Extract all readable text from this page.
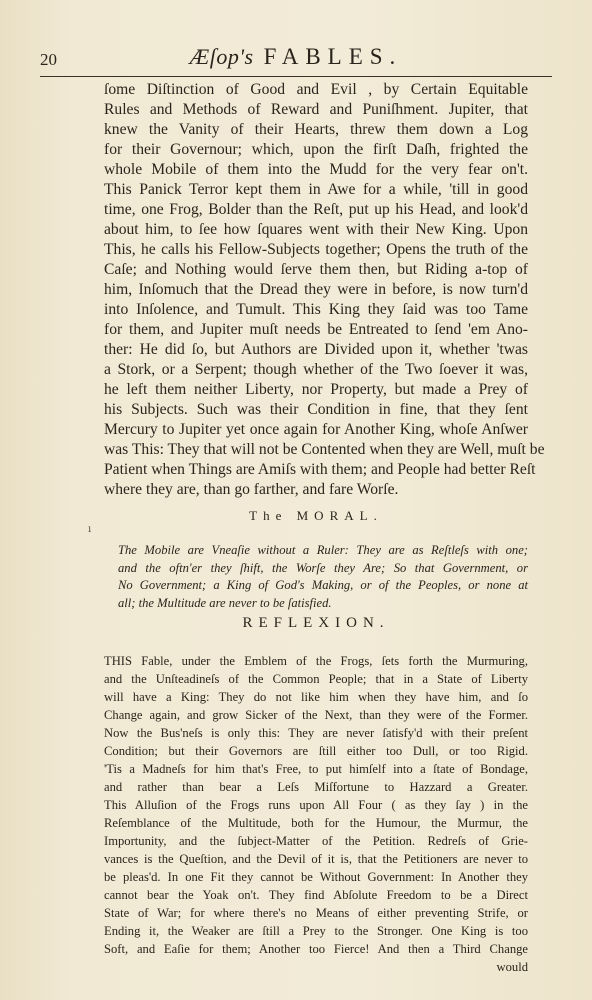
20	Æſop's FABLES.
ſome Diſtinction of Good and Evil , by Certain Equitable
Rules and Methods of Reward and Puniſhment. Jupiter, that
knew the Vanity of their Hearts, threw them down a Log
for their Governour; which, upon the firſt Daſh, frighted the
whole Mobile of them into the Mudd for the very fear on't.
This Panick Terror kept them in Awe for a while, 'till in good
time, one Frog, Bolder than the Reſt, put up his Head, and look'd
about him, to ſee how ſquares went with their New King. Upon
This, he calls his Fellow-Subjects together; Opens the truth of the
Caſe; and Nothing would ſerve them then, but Riding a-top of
him, Inſomuch that the Dread they were in before, is now turn'd
into Inſolence, and Tumult. This King they ſaid was too Tame
for them, and Jupiter muſt needs be Entreated to ſend 'em Ano-
ther: He did ſo, but Authors are Divided upon it, whether 'twas
a Stork, or a Serpent; though whether of the Two ſoever it was,
he left them neither Liberty, nor Property, but made a Prey of
his Subjects. Such was their Condition in fine, that they ſent
Mercury to Jupiter yet once again for Another King, whoſe Anſwer
was This: They that will not be Contented when they are Well, muſt be
Patient when Things are Amiſs with them; and People had better Reſt
where they are, than go farther, and fare Worſe.
ı
The MORAL.
The Mobile are Vneaſie without a Ruler: They are as Reſtleſs with one;
and the oftn'er they ſhift, the Worſe they Are; So that Government, or
No Government; a King of God's Making, or of the Peoples, or none at
all; the Multitude are never to be ſatisfied.
REFLEXION.
THIS Fable, under the Emblem of the Frogs, ſets forth the Murmuring,
and the Unſteadineſs of the Common People; that in a State of Liberty
will have a King: They do not like him when they have him, and ſo
Change again, and grow Sicker of the Next, than they were of the Former.
Now the Bus'neſs is only this: They are never ſatisfy'd with their preſent
Condition; but their Governors are ſtill either too Dull, or too Rigid.
'Tis a Madneſs for him that's Free, to put himſelf into a ſtate of Bondage,
and rather than bear a Leſs Miſfortune to Hazzard a Greater.
This Alluſion of the Frogs runs upon All Four ( as they ſay ) in the
Reſemblance of the Multitude, both for the Humour, the Murmur, the
Importunity, and the ſubject-Matter of the Petition. Redreſs of Grie-
vances is the Queſtion, and the Devil of it is, that the Petitioners are never to
be pleas'd. In one Fit they cannot be Without Government: In Another they
cannot bear the Yoak on't. They find Abſolute Freedom to be a Direct
State of War; for where there's no Means of either preventing Strife, or
Ending it, the Weaker are ſtill a Prey to the Stronger. One King is too
Soft, and Eaſie for them; Another too Fierce! And then a Third Change
would
